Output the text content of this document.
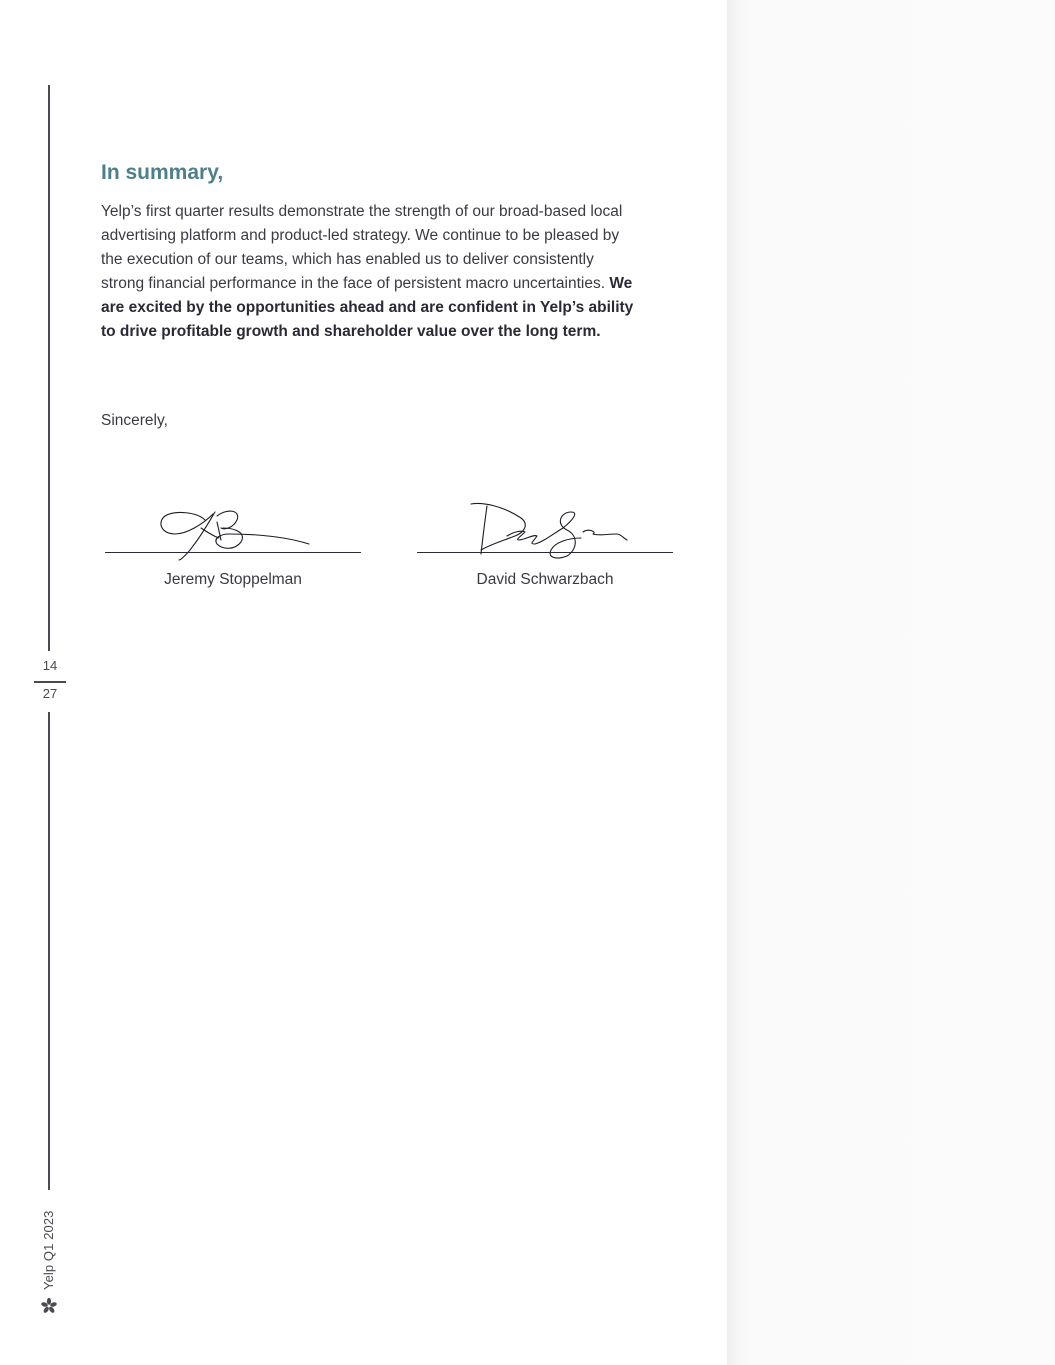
14
27
Yelp Q1 2023
In summary,

Yelp’s first quarter results demonstrate the strength of our broad-based local advertising platform and product-led strategy. We continue to be pleased by the execution of our teams, which has enabled us to deliver consistently strong financial performance in the face of persistent macro uncertainties. We are excited by the opportunities ahead and are confident in Yelp’s ability to drive profitable growth and shareholder value over the long term.

Sincerely,

Jeremy Stoppelman	David Schwarzbach
